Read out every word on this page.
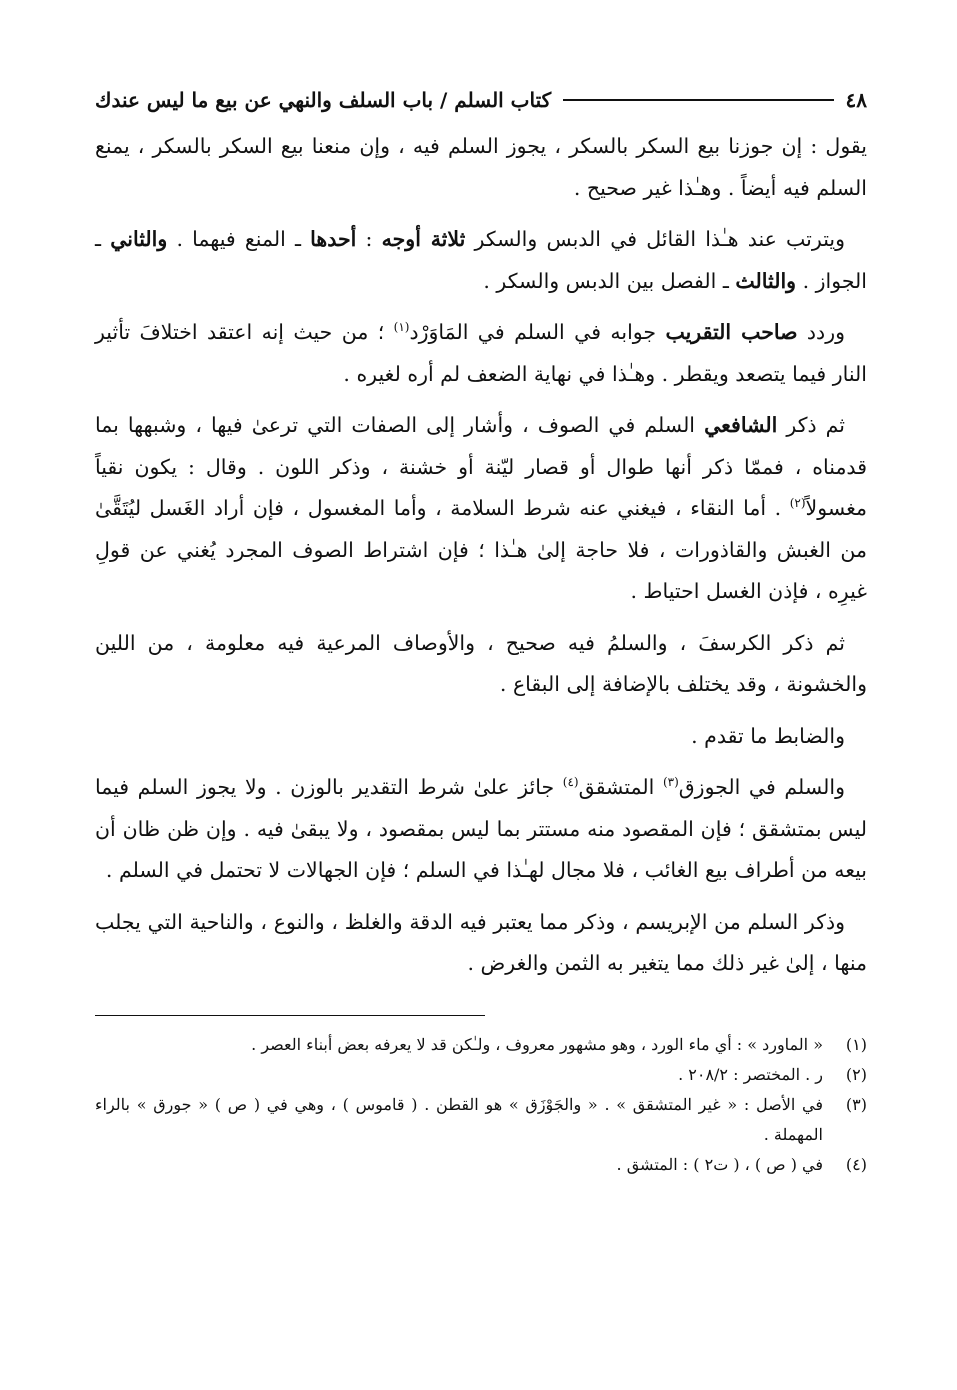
٤٨
كتاب السلم / باب السلف والنهي عن بيع ما ليس عندك

يقول : إن جوزنا بيع السكر بالسكر ، يجوز السلم فيه ، وإن منعنا بيع السكر بالسكر ، يمنع السلم فيه أيضاً . وهـٰذا غير صحيح .

ويترتب عند هـٰذا القائل في الدبس والسكر ثلاثة أوجه : أحدها ـ المنع فيهما . والثاني ـ الجواز . والثالث ـ الفصل بين الدبس والسكر .

وردد صاحب التقريب جوابه في السلم في المَاوَرْد$^{(١)}$ ؛ من حيث إنه اعتقد اختلافَ تأثير النار فيما يتصعد ويقطر . وهـٰذا في نهاية الضعف لم أره لغيره .

ثم ذكر الشافعي السلم في الصوف ، وأشار إلى الصفات التي ترعىٰ فيها ، وشبهها بما قدمناه ، فممّا ذكر أنها طوال أو قصار ليّنة أو خشنة ، وذكر اللون . وقال : يكون نقياً مغسولاً$^{(٢)}$ . أما النقاء ، فيغني عنه شرط السلامة ، وأما المغسول ، فإن أراد الغَسل ليُتَقَّىٰ من الغبش والقاذورات ، فلا حاجة إلىٰ هـٰذا ؛ فإن اشتراط الصوف المجرد يُغني عن قولِ غيرِه ، فإذن الغسل احتياط .

ثم ذكر الكرسفَ ، والسلمُ فيه صحيح ، والأوصاف المرعية فيه معلومة ، من اللين والخشونة ، وقد يختلف بالإضافة إلى البقاع .

والضابط ما تقدم .

والسلم في الجوزق$^{(٣)}$ المتشقق$^{(٤)}$ جائز علىٰ شرط التقدير بالوزن . ولا يجوز السلم فيما ليس بمتشقق ؛ فإن المقصود منه مستتر بما ليس بمقصود ، ولا يبقىٰ فيه . وإن ظن ظان أن بيعه من أطراف بيع الغائب ، فلا مجال لهـٰذا في السلم ؛ فإن الجهالات لا تحتمل في السلم .

وذكر السلم من الإبريسم ، وذكر مما يعتبر فيه الدقة والغلظ ، والنوع ، والناحية التي يجلب منها ، إلىٰ غير ذلك مما يتغير به الثمن والغرض .

(١)
« الماورد » : أي ماء الورد ، وهو مشهور معروف ، ولـٰكن قد لا يعرفه بعض أبناء العصر .
(٢)
ر . المختصر : ٢٠٨/٢ .
(٣)
في الأصل : « غير المتشقق » . « والجَوْزَق » هو القطن . ( قاموس ) ، وهي في ( ص ) « جورق » بالراء المهملة .
(٤)
في ( ص ) ، ( ت٢ ) : المتشق .
